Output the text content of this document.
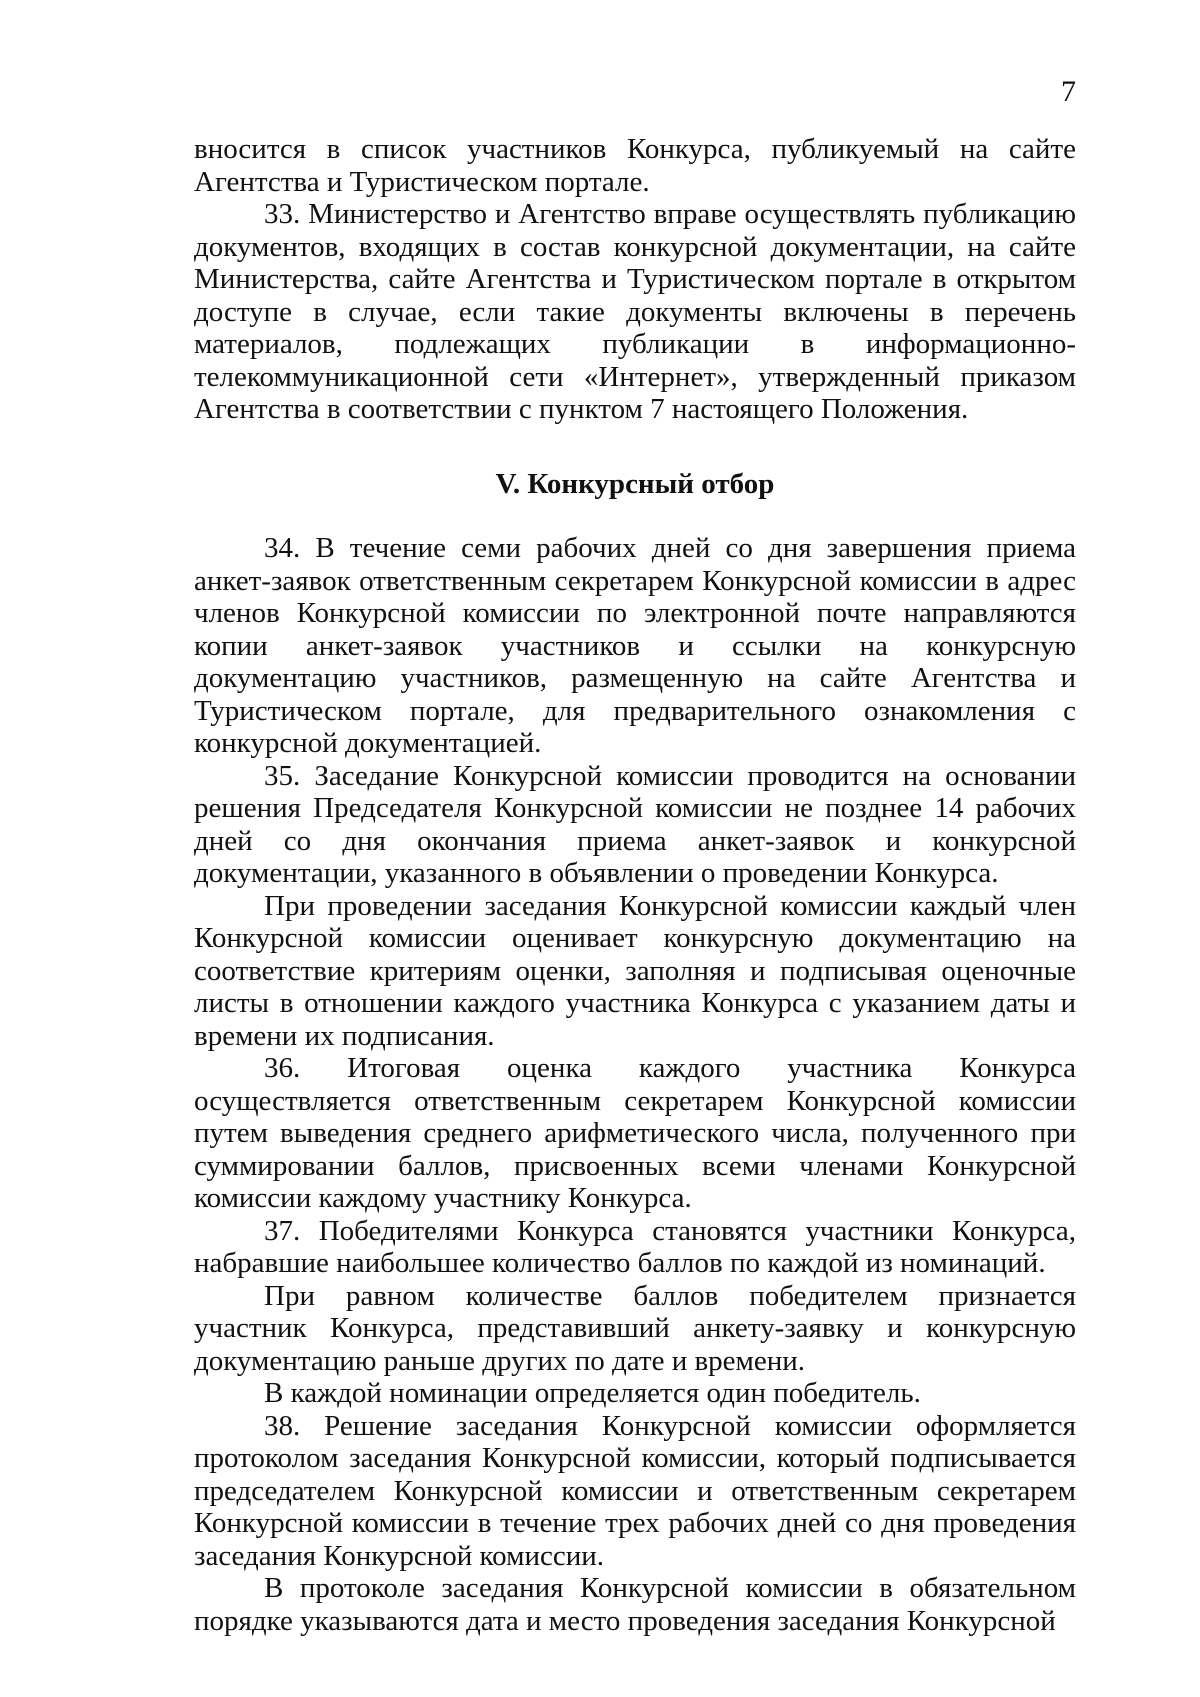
7

вносится в список участников Конкурса, публикуемый на сайте Агентства и Туристическом портале.

33. Министерство и Агентство вправе осуществлять публикацию документов, входящих в состав конкурсной документации, на сайте Министерства, сайте Агентства и Туристическом портале в открытом доступе в случае, если такие документы включены в перечень материалов, подлежащих публикации в информационно-телекоммуникационной сети «Интернет», утвержденный приказом Агентства в соответствии с пунктом 7 настоящего Положения.

V. Конкурсный отбор

34. В течение семи рабочих дней со дня завершения приема анкет-заявок ответственным секретарем Конкурсной комиссии в адрес членов Конкурсной комиссии по электронной почте направляются копии анкет-заявок участников и ссылки на конкурсную документацию участников, размещенную на сайте Агентства и Туристическом портале, для предварительного ознакомления с конкурсной документацией.

35. Заседание Конкурсной комиссии проводится на основании решения Председателя Конкурсной комиссии не позднее 14 рабочих дней со дня окончания приема анкет-заявок и конкурсной документации, указанного в объявлении о проведении Конкурса.

При проведении заседания Конкурсной комиссии каждый член Конкурсной комиссии оценивает конкурсную документацию на соответствие критериям оценки, заполняя и подписывая оценочные листы в отношении каждого участника Конкурса с указанием даты и времени их подписания.

36. Итоговая оценка каждого участника Конкурса осуществляется ответственным секретарем Конкурсной комиссии путем выведения среднего арифметического числа, полученного при суммировании баллов, присвоенных всеми членами Конкурсной комиссии каждому участнику Конкурса.

37. Победителями Конкурса становятся участники Конкурса, набравшие наибольшее количество баллов по каждой из номинаций.

При равном количестве баллов победителем признается участник Конкурса, представивший анкету-заявку и конкурсную документацию раньше других по дате и времени.

В каждой номинации определяется один победитель.

38. Решение заседания Конкурсной комиссии оформляется протоколом заседания Конкурсной комиссии, который подписывается председателем Конкурсной комиссии и ответственным секретарем Конкурсной комиссии в течение трех рабочих дней со дня проведения заседания Конкурсной комиссии.

В протоколе заседания Конкурсной комиссии в обязательном порядке указываются дата и место проведения заседания Конкурсной
